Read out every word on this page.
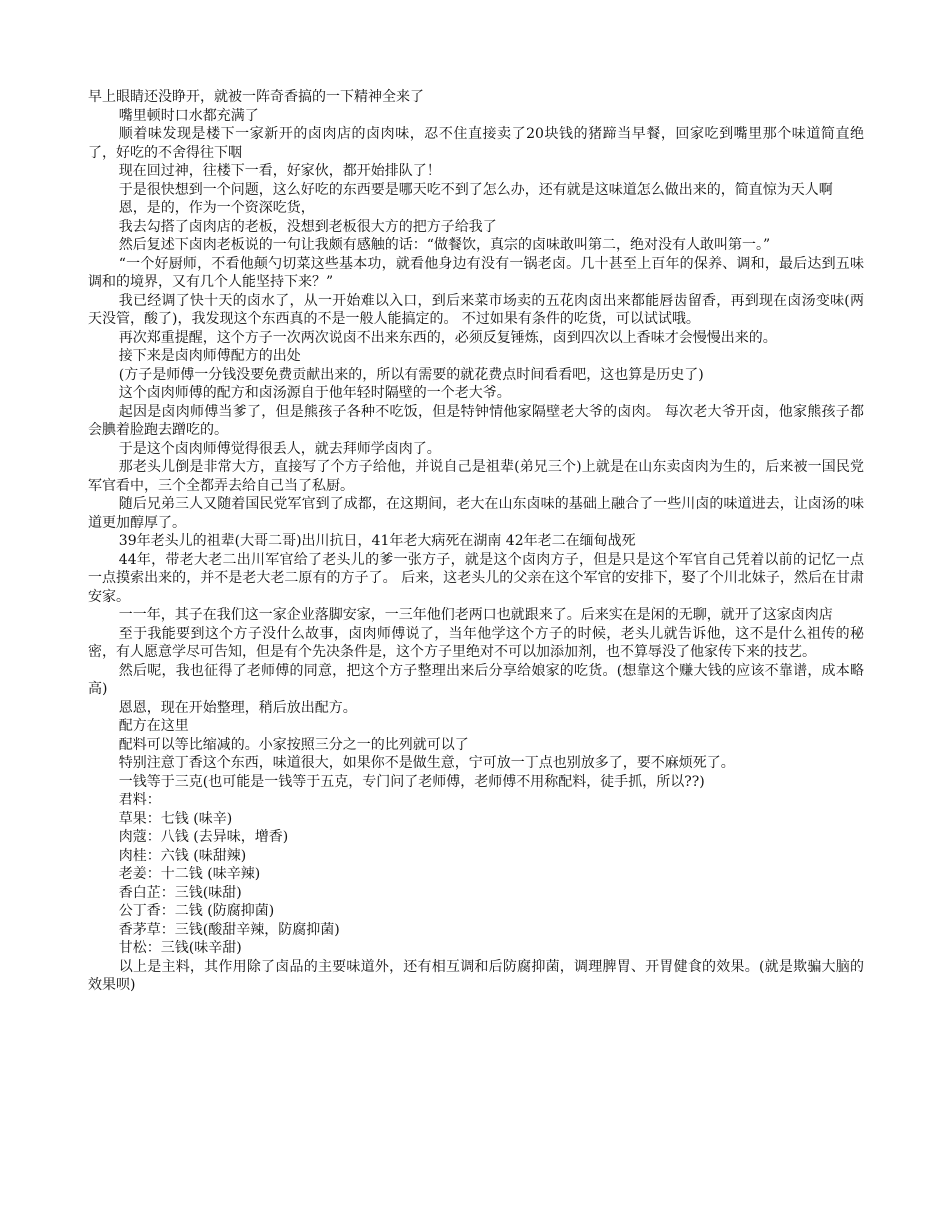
早上眼睛还没睁开，就被一阵奇香搞的一下精神全来了

嘴里顿时口水都充满了

顺着味发现是楼下一家新开的卤肉店的卤肉味，忍不住直接卖了20块钱的猪蹄当早餐，回家吃到嘴里那个味道简直绝了，好吃的不舍得往下咽

现在回过神，往楼下一看，好家伙，都开始排队了！

于是很快想到一个问题，这么好吃的东西要是哪天吃不到了怎么办，还有就是这味道怎么做出来的，简直惊为天人啊

恩，是的，作为一个资深吃货，

我去勾搭了卤肉店的老板，没想到老板很大方的把方子给我了

然后复述下卤肉老板说的一句让我颇有感触的话：“做餐饮，真宗的卤味敢叫第二，绝对没有人敢叫第一。”

“一个好厨师，不看他颠勺切菜这些基本功，就看他身边有没有一锅老卤。几十甚至上百年的保养、调和，最后达到五味调和的境界，又有几个人能坚持下来？”

我已经调了快十天的卤水了，从一开始难以入口，到后来菜市场卖的五花肉卤出来都能唇齿留香，再到现在卤汤变味(两天没管，酸了)，我发现这个东西真的不是一般人能搞定的。 不过如果有条件的吃货，可以试试哦。

再次郑重提醒，这个方子一次两次说卤不出来东西的，必须反复锤炼，卤到四次以上香味才会慢慢出来的。

接下来是卤肉师傅配方的出处

(方子是师傅一分钱没要免费贡献出来的，所以有需要的就花费点时间看看吧，这也算是历史了)

这个卤肉师傅的配方和卤汤源自于他年轻时隔壁的一个老大爷。

起因是卤肉师傅当爹了，但是熊孩子各种不吃饭，但是特钟情他家隔壁老大爷的卤肉。 每次老大爷开卤，他家熊孩子都会腆着脸跑去蹭吃的。

于是这个卤肉师傅觉得很丢人，就去拜师学卤肉了。

那老头儿倒是非常大方，直接写了个方子给他，并说自己是祖辈(弟兄三个)上就是在山东卖卤肉为生的，后来被一国民党军官看中，三个全都弄去给自己当了私厨。

随后兄弟三人又随着国民党军官到了成都，在这期间，老大在山东卤味的基础上融合了一些川卤的味道进去，让卤汤的味道更加醇厚了。

39年老头儿的祖辈(大哥二哥)出川抗日，41年老大病死在湖南 42年老二在缅甸战死

44年，带老大老二出川军官给了老头儿的爹一张方子，就是这个卤肉方子，但是只是这个军官自己凭着以前的记忆一点一点摸索出来的，并不是老大老二原有的方子了。 后来，这老头儿的父亲在这个军官的安排下，娶了个川北妹子，然后在甘肃安家。

一一年，其子在我们这一家企业落脚安家，一三年他们老两口也就跟来了。后来实在是闲的无聊，就开了这家卤肉店

至于我能要到这个方子没什么故事，卤肉师傅说了，当年他学这个方子的时候，老头儿就告诉他，这不是什么祖传的秘密，有人愿意学尽可告知，但是有个先决条件是，这个方子里绝对不可以加添加剂，也不算辱没了他家传下来的技艺。

然后呢，我也征得了老师傅的同意，把这个方子整理出来后分享给娘家的吃货。(想靠这个赚大钱的应该不靠谱，成本略高)

恩恩，现在开始整理，稍后放出配方。

配方在这里

配料可以等比缩减的。小家按照三分之一的比列就可以了

特别注意丁香这个东西，味道很大，如果你不是做生意，宁可放一丁点也别放多了，要不麻烦死了。

一钱等于三克(也可能是一钱等于五克，专门问了老师傅，老师傅不用称配料，徒手抓，所以??)

君料：

草果：七钱 (味辛)

肉蔻：八钱 (去异味，增香)

肉桂：六钱 (味甜辣)

老姜：十二钱 (味辛辣)

香白芷：三钱(味甜)

公丁香：二钱 (防腐抑菌)

香茅草：三钱(酸甜辛辣，防腐抑菌)

甘松：三钱(味辛甜)

以上是主料，其作用除了卤品的主要味道外，还有相互调和后防腐抑菌，调理脾胃、开胃健食的效果。(就是欺骗大脑的效果呗)
